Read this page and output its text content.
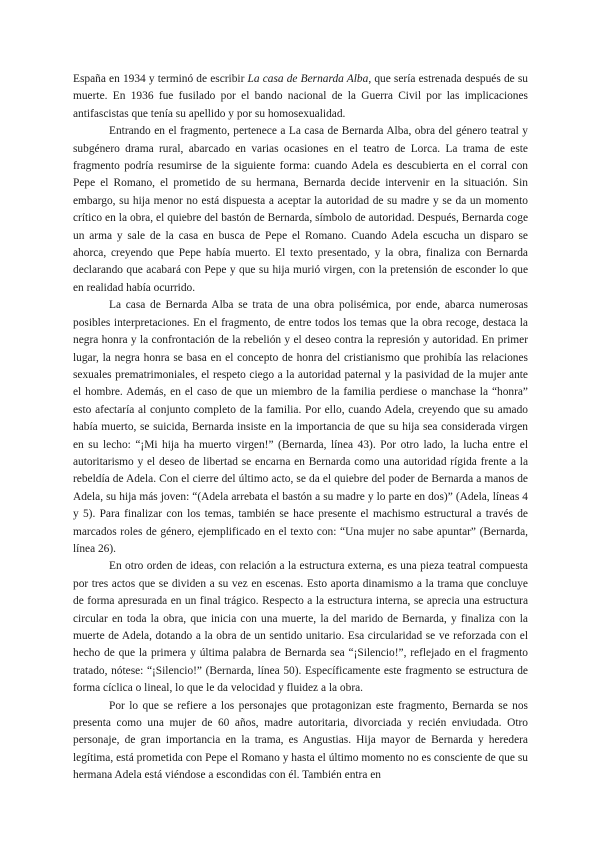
España en 1934 y terminó de escribir La casa de Bernarda Alba, que sería estrenada después de su muerte. En 1936 fue fusilado por el bando nacional de la Guerra Civil por las implicaciones antifascistas que tenía su apellido y por su homosexualidad.

Entrando en el fragmento, pertenece a La casa de Bernarda Alba, obra del género teatral y subgénero drama rural, abarcado en varias ocasiones en el teatro de Lorca. La trama de este fragmento podría resumirse de la siguiente forma: cuando Adela es descubierta en el corral con Pepe el Romano, el prometido de su hermana, Bernarda decide intervenir en la situación. Sin embargo, su hija menor no está dispuesta a aceptar la autoridad de su madre y se da un momento crítico en la obra, el quiebre del bastón de Bernarda, símbolo de autoridad. Después, Bernarda coge un arma y sale de la casa en busca de Pepe el Romano. Cuando Adela escucha un disparo se ahorca, creyendo que Pepe había muerto. El texto presentado, y la obra, finaliza con Bernarda declarando que acabará con Pepe y que su hija murió virgen, con la pretensión de esconder lo que en realidad había ocurrido.

La casa de Bernarda Alba se trata de una obra polisémica, por ende, abarca numerosas posibles interpretaciones. En el fragmento, de entre todos los temas que la obra recoge, destaca la negra honra y la confrontación de la rebelión y el deseo contra la represión y autoridad. En primer lugar, la negra honra se basa en el concepto de honra del cristianismo que prohibía las relaciones sexuales prematrimoniales, el respeto ciego a la autoridad paternal y la pasividad de la mujer ante el hombre. Además, en el caso de que un miembro de la familia perdiese o manchase la “honra” esto afectaría al conjunto completo de la familia. Por ello, cuando Adela, creyendo que su amado había muerto, se suicida, Bernarda insiste en la importancia de que su hija sea considerada virgen en su lecho: “¡Mi hija ha muerto virgen!” (Bernarda, línea 43). Por otro lado, la lucha entre el autoritarismo y el deseo de libertad se encarna en Bernarda como una autoridad rígida frente a la rebeldía de Adela. Con el cierre del último acto, se da el quiebre del poder de Bernarda a manos de Adela, su hija más joven: “(Adela arrebata el bastón a su madre y lo parte en dos)” (Adela, líneas 4 y 5). Para finalizar con los temas, también se hace presente el machismo estructural a través de marcados roles de género, ejemplificado en el texto con: “Una mujer no sabe apuntar” (Bernarda, línea 26).

En otro orden de ideas, con relación a la estructura externa, es una pieza teatral compuesta por tres actos que se dividen a su vez en escenas. Esto aporta dinamismo a la trama que concluye de forma apresurada en un final trágico. Respecto a la estructura interna, se aprecia una estructura circular en toda la obra, que inicia con una muerte, la del marido de Bernarda, y finaliza con la muerte de Adela, dotando a la obra de un sentido unitario. Esa circularidad se ve reforzada con el hecho de que la primera y última palabra de Bernarda sea “¡Silencio!”, reflejado en el fragmento tratado, nótese: “¡Silencio!” (Bernarda, línea 50). Específicamente este fragmento se estructura de forma cíclica o lineal, lo que le da velocidad y fluidez a la obra.

Por lo que se refiere a los personajes que protagonizan este fragmento, Bernarda se nos presenta como una mujer de 60 años, madre autoritaria, divorciada y recién enviudada. Otro personaje, de gran importancia en la trama, es Angustias. Hija mayor de Bernarda y heredera legítima, está prometida con Pepe el Romano y hasta el último momento no es consciente de que su hermana Adela está viéndose a escondidas con él. También entra en
